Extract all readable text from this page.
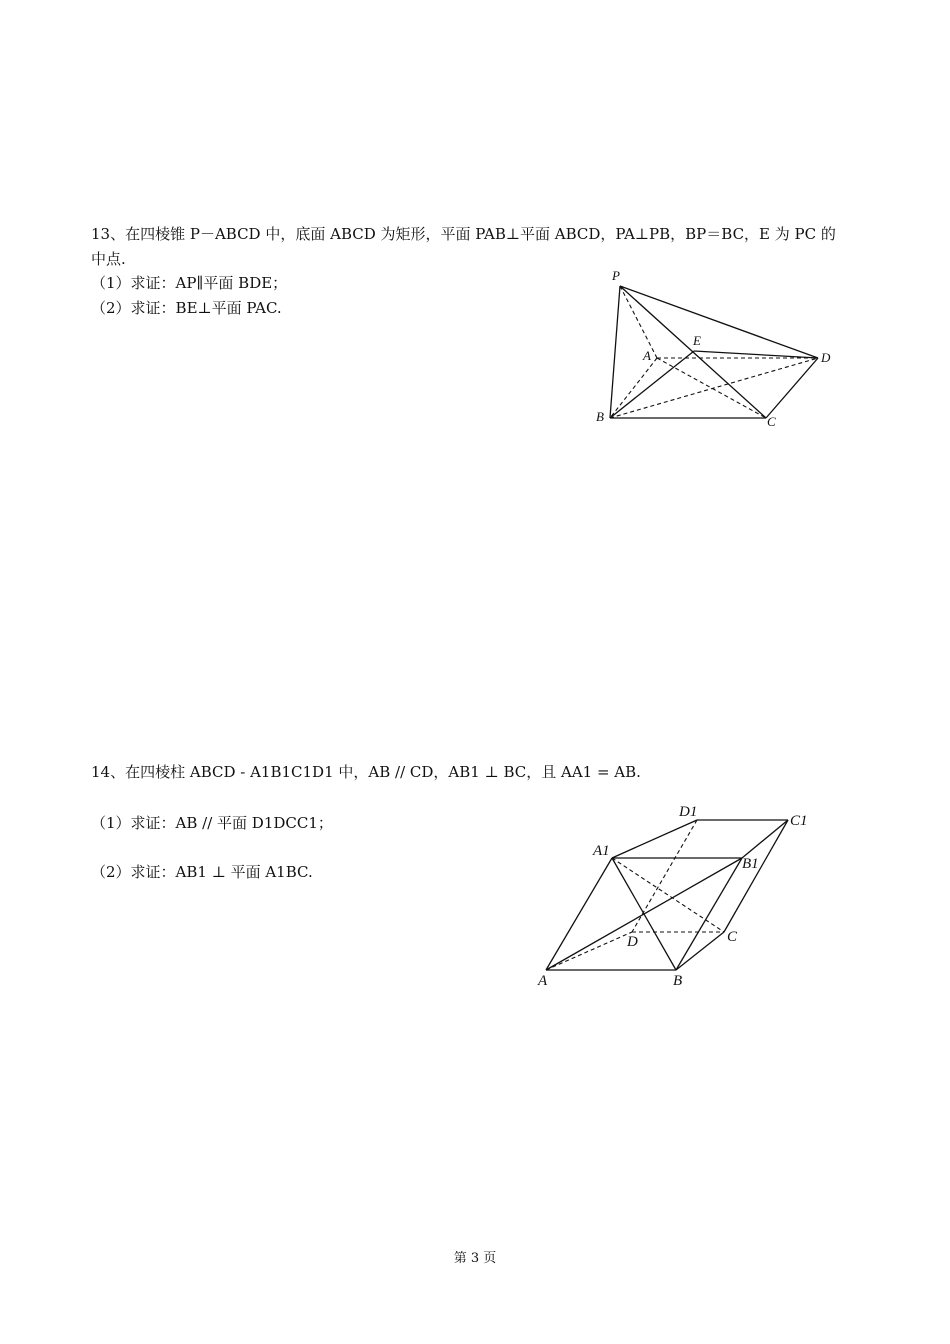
13、在四棱锥 P－ABCD 中，底面 ABCD 为矩形，平面 PAB⊥平面 ABCD，PA⊥PB，BP＝BC，E 为 PC 的
中点.
（1）求证：AP∥平面 BDE；
（2）求证：BE⊥平面 PAC.
P
A
B	C
D
E
14、在四棱柱 ABCD - A1B1C1D1 中，AB // CD，AB1 ⊥ BC，且 AA1 = AB.
（1）求证：AB // 平面 D1DCC1；
（2）求证：AB1 ⊥ 平面 A1BC.
A	B
C
D
A1
B1
C1
D1
第 3 页
